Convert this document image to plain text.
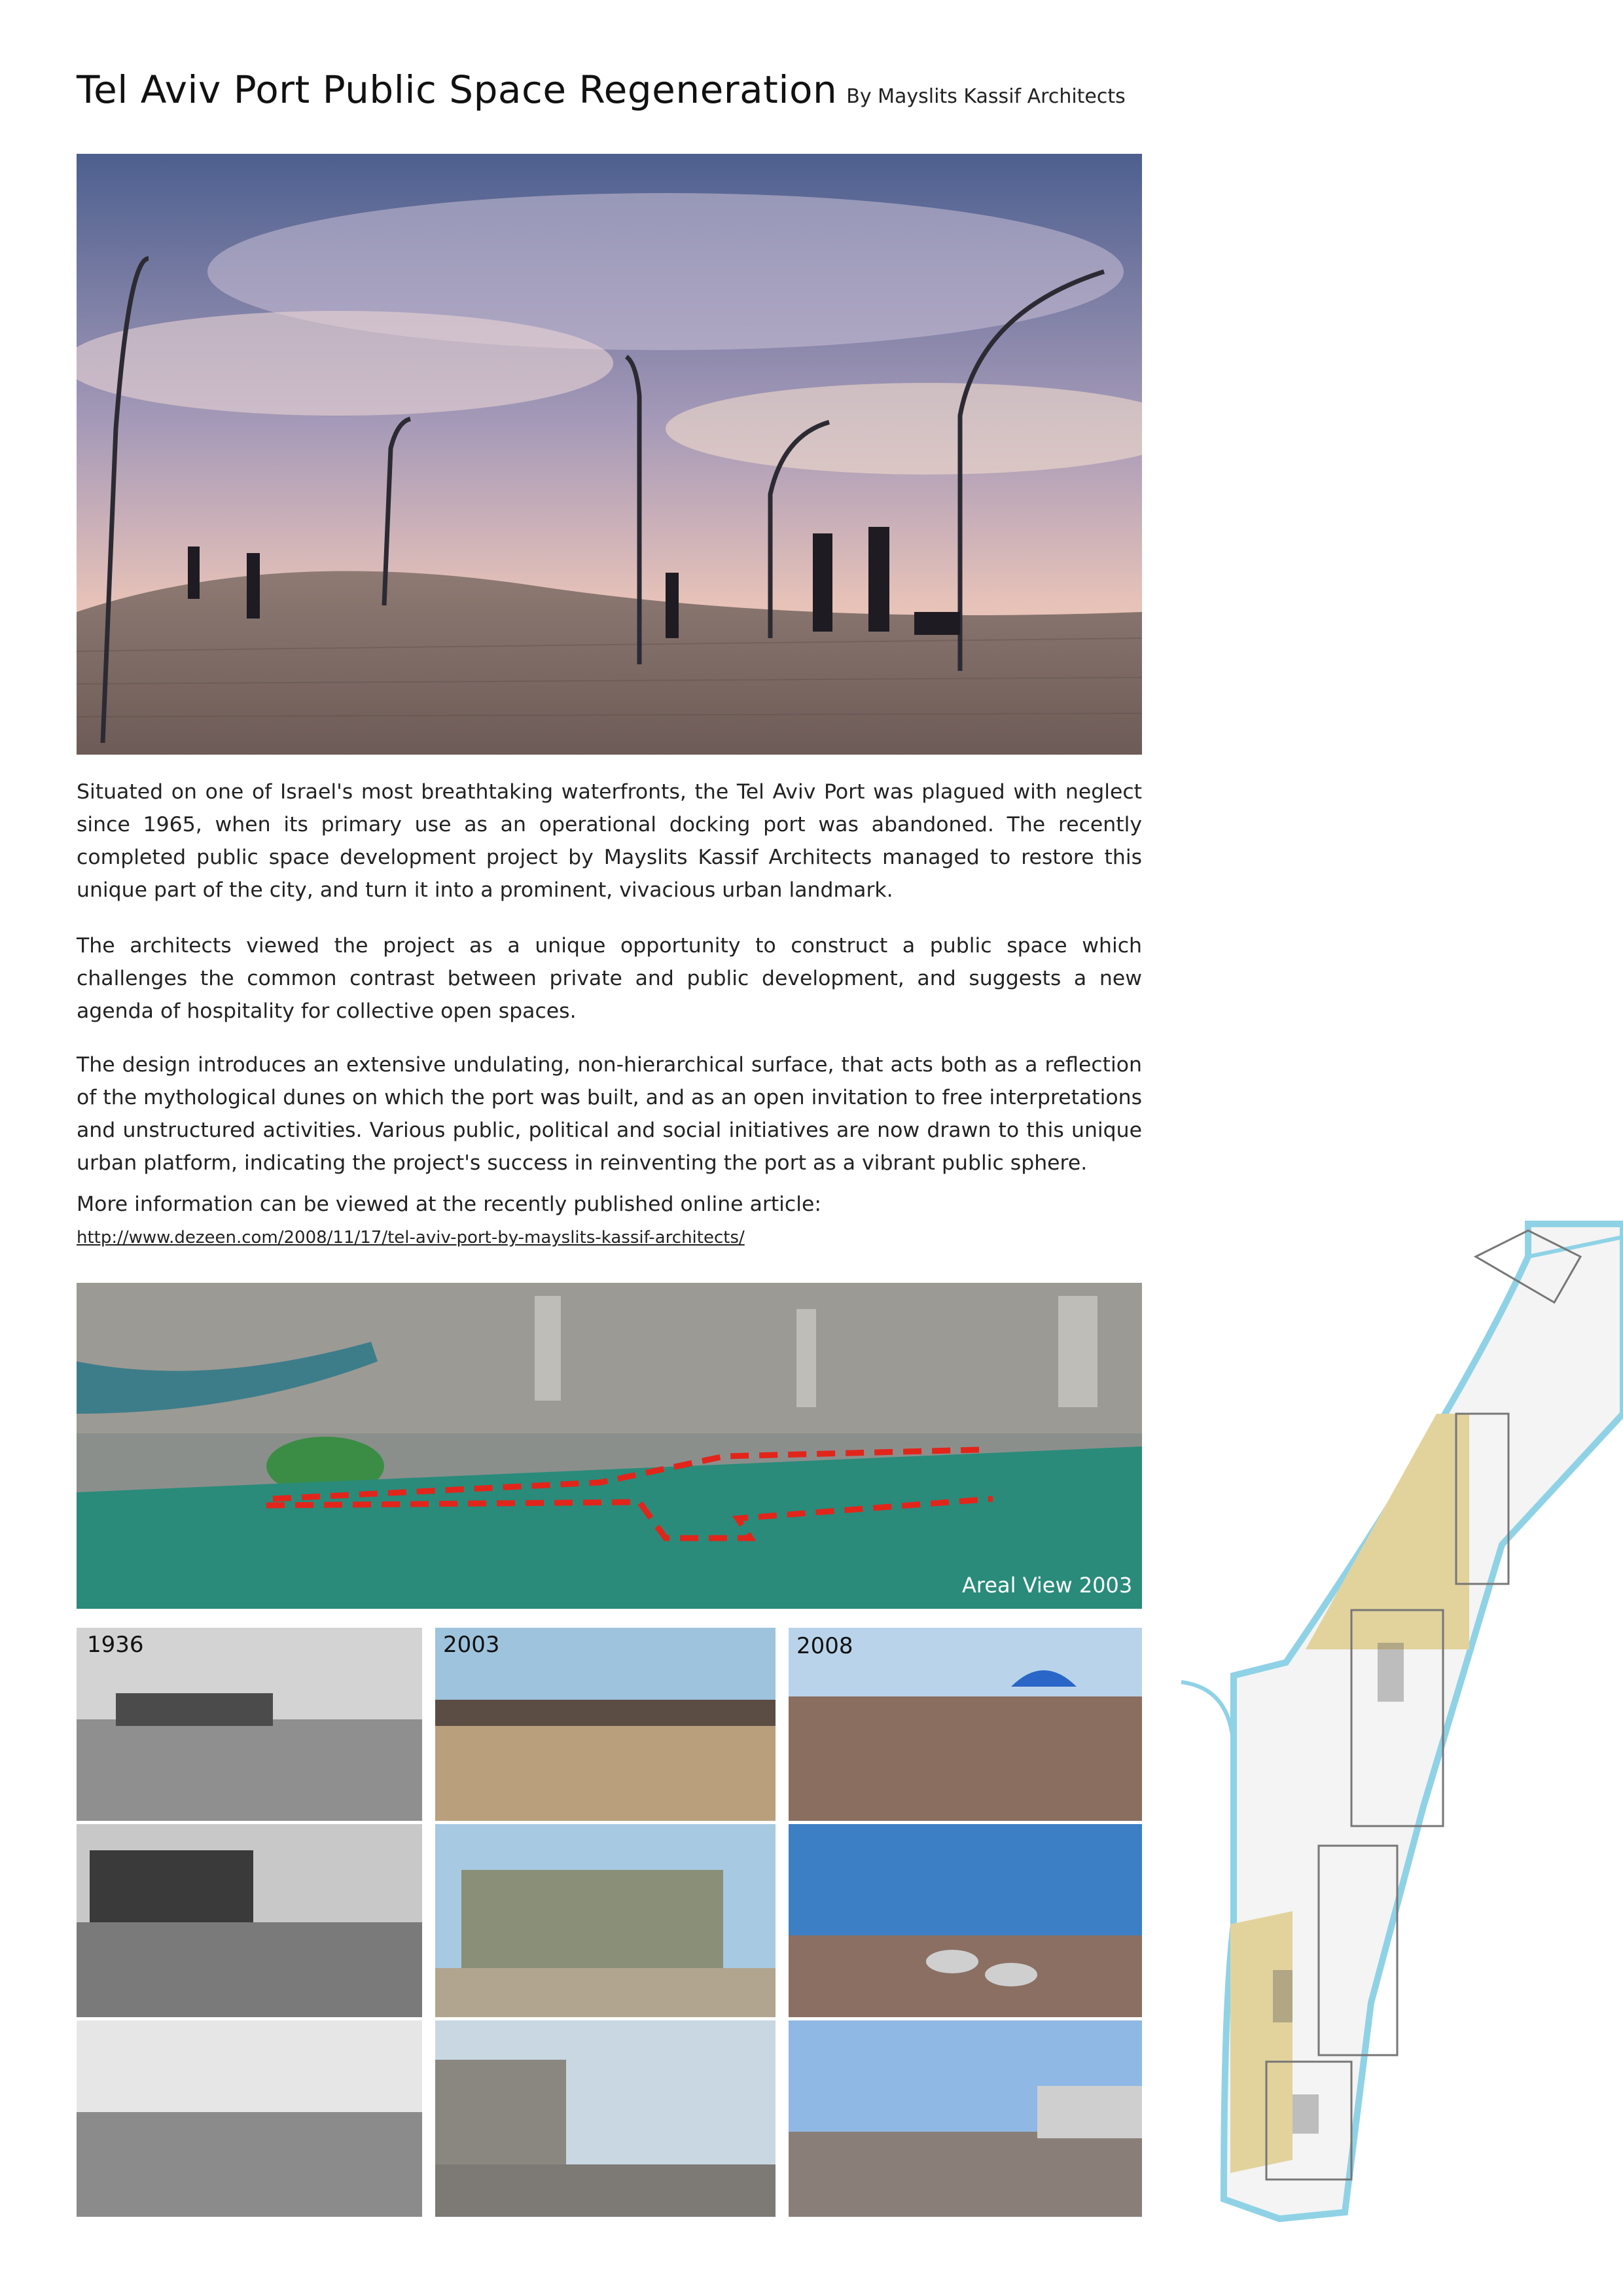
Tel Aviv Port Public Space Regeneration By Mayslits Kassif Architects

Situated on one of Israel's most breathtaking waterfronts, the Tel Aviv Port was plagued with neglect since 1965, when its primary use as an operational docking port was abandoned. The recently completed public space development project by Mayslits Kassif Architects managed to restore this unique part of the city, and turn it into a prominent, vivacious urban landmark.

The architects viewed the project as a unique opportunity to construct a public space which challenges the common contrast between private and public development, and suggests a new agenda of hospitality for collective open spaces.

The design introduces an extensive undulating, non-hierarchical surface, that acts both as a reflection of the mythological dunes on which the port was built, and as an open invitation to free interpretations and unstructured activities. Various public, political and social initiatives are now drawn to this unique urban platform, indicating the project's success in reinventing the port as a vibrant public sphere.

More information can be viewed at the recently published online article:
http://www.dezeen.com/2008/11/17/tel-aviv-port-by-mayslits-kassif-architects/
Areal View 2003
1936	2003	2008
